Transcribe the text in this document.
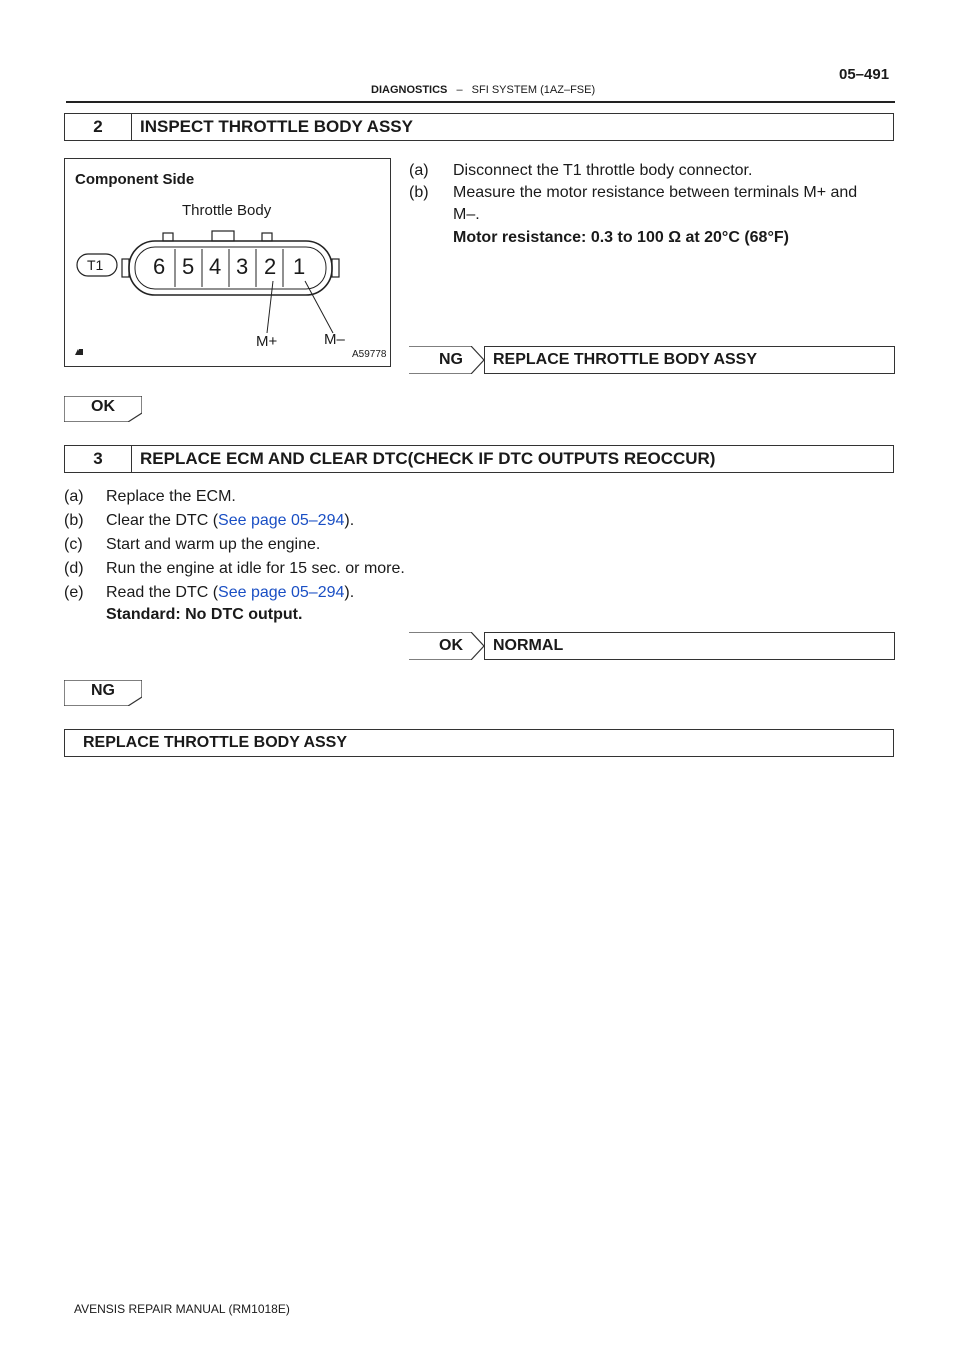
05–491
DIAGNOSTICS – SFI SYSTEM (1AZ–FSE)
2	INSPECT THROTTLE BODY ASSY
Component Side
Throttle Body
T1 6 5 4 3 2 1
M+	M–
A59778
(a) Disconnect the T1 throttle body connector.
(b) Measure the motor resistance between terminals M+ and
M–.
Motor resistance: 0.3 to 100 Ω at 20°C (68°F)
NG	REPLACE THROTTLE BODY ASSY
OK
3	REPLACE ECM AND CLEAR DTC(CHECK IF DTC OUTPUTS REOCCUR)
(a) Replace the ECM.
(b) Clear the DTC (See page 05–294).
(c) Start and warm up the engine.
(d) Run the engine at idle for 15 sec. or more.
(e) Read the DTC (See page 05–294).
Standard: No DTC output.
OK	NORMAL
NG
REPLACE THROTTLE BODY ASSY
AVENSIS REPAIR MANUAL (RM1018E)
